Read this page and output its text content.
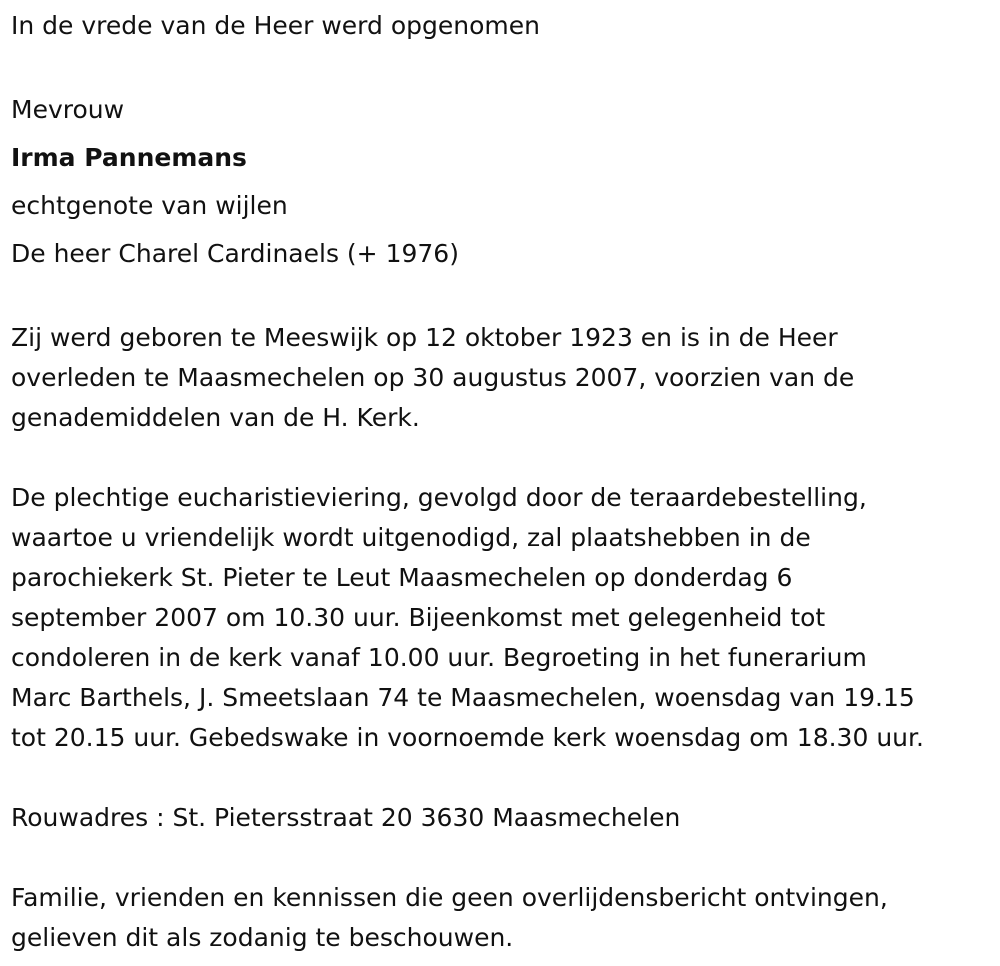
In de vrede van de Heer werd opgenomen

Mevrouw

Irma Pannemans

echtgenote van wijlen

De heer Charel Cardinaels (+ 1976)

Zij werd geboren te Meeswijk op 12 oktober 1923 en is in de Heer

overleden te Maasmechelen op 30 augustus 2007, voorzien van de

genademiddelen van de H. Kerk.

De plechtige eucharistieviering, gevolgd door de teraardebestelling,

waartoe u vriendelijk wordt uitgenodigd, zal plaatshebben in de

parochiekerk St. Pieter te Leut Maasmechelen op donderdag 6

september 2007 om 10.30 uur. Bijeenkomst met gelegenheid tot

condoleren in de kerk vanaf 10.00 uur. Begroeting in het funerarium

Marc Barthels, J. Smeetslaan 74 te Maasmechelen, woensdag van 19.15

tot 20.15 uur. Gebedswake in voornoemde kerk woensdag om 18.30 uur.

Rouwadres : St. Pietersstraat 20 3630 Maasmechelen

Familie, vrienden en kennissen die geen overlijdensbericht ontvingen,

gelieven dit als zodanig te beschouwen.
